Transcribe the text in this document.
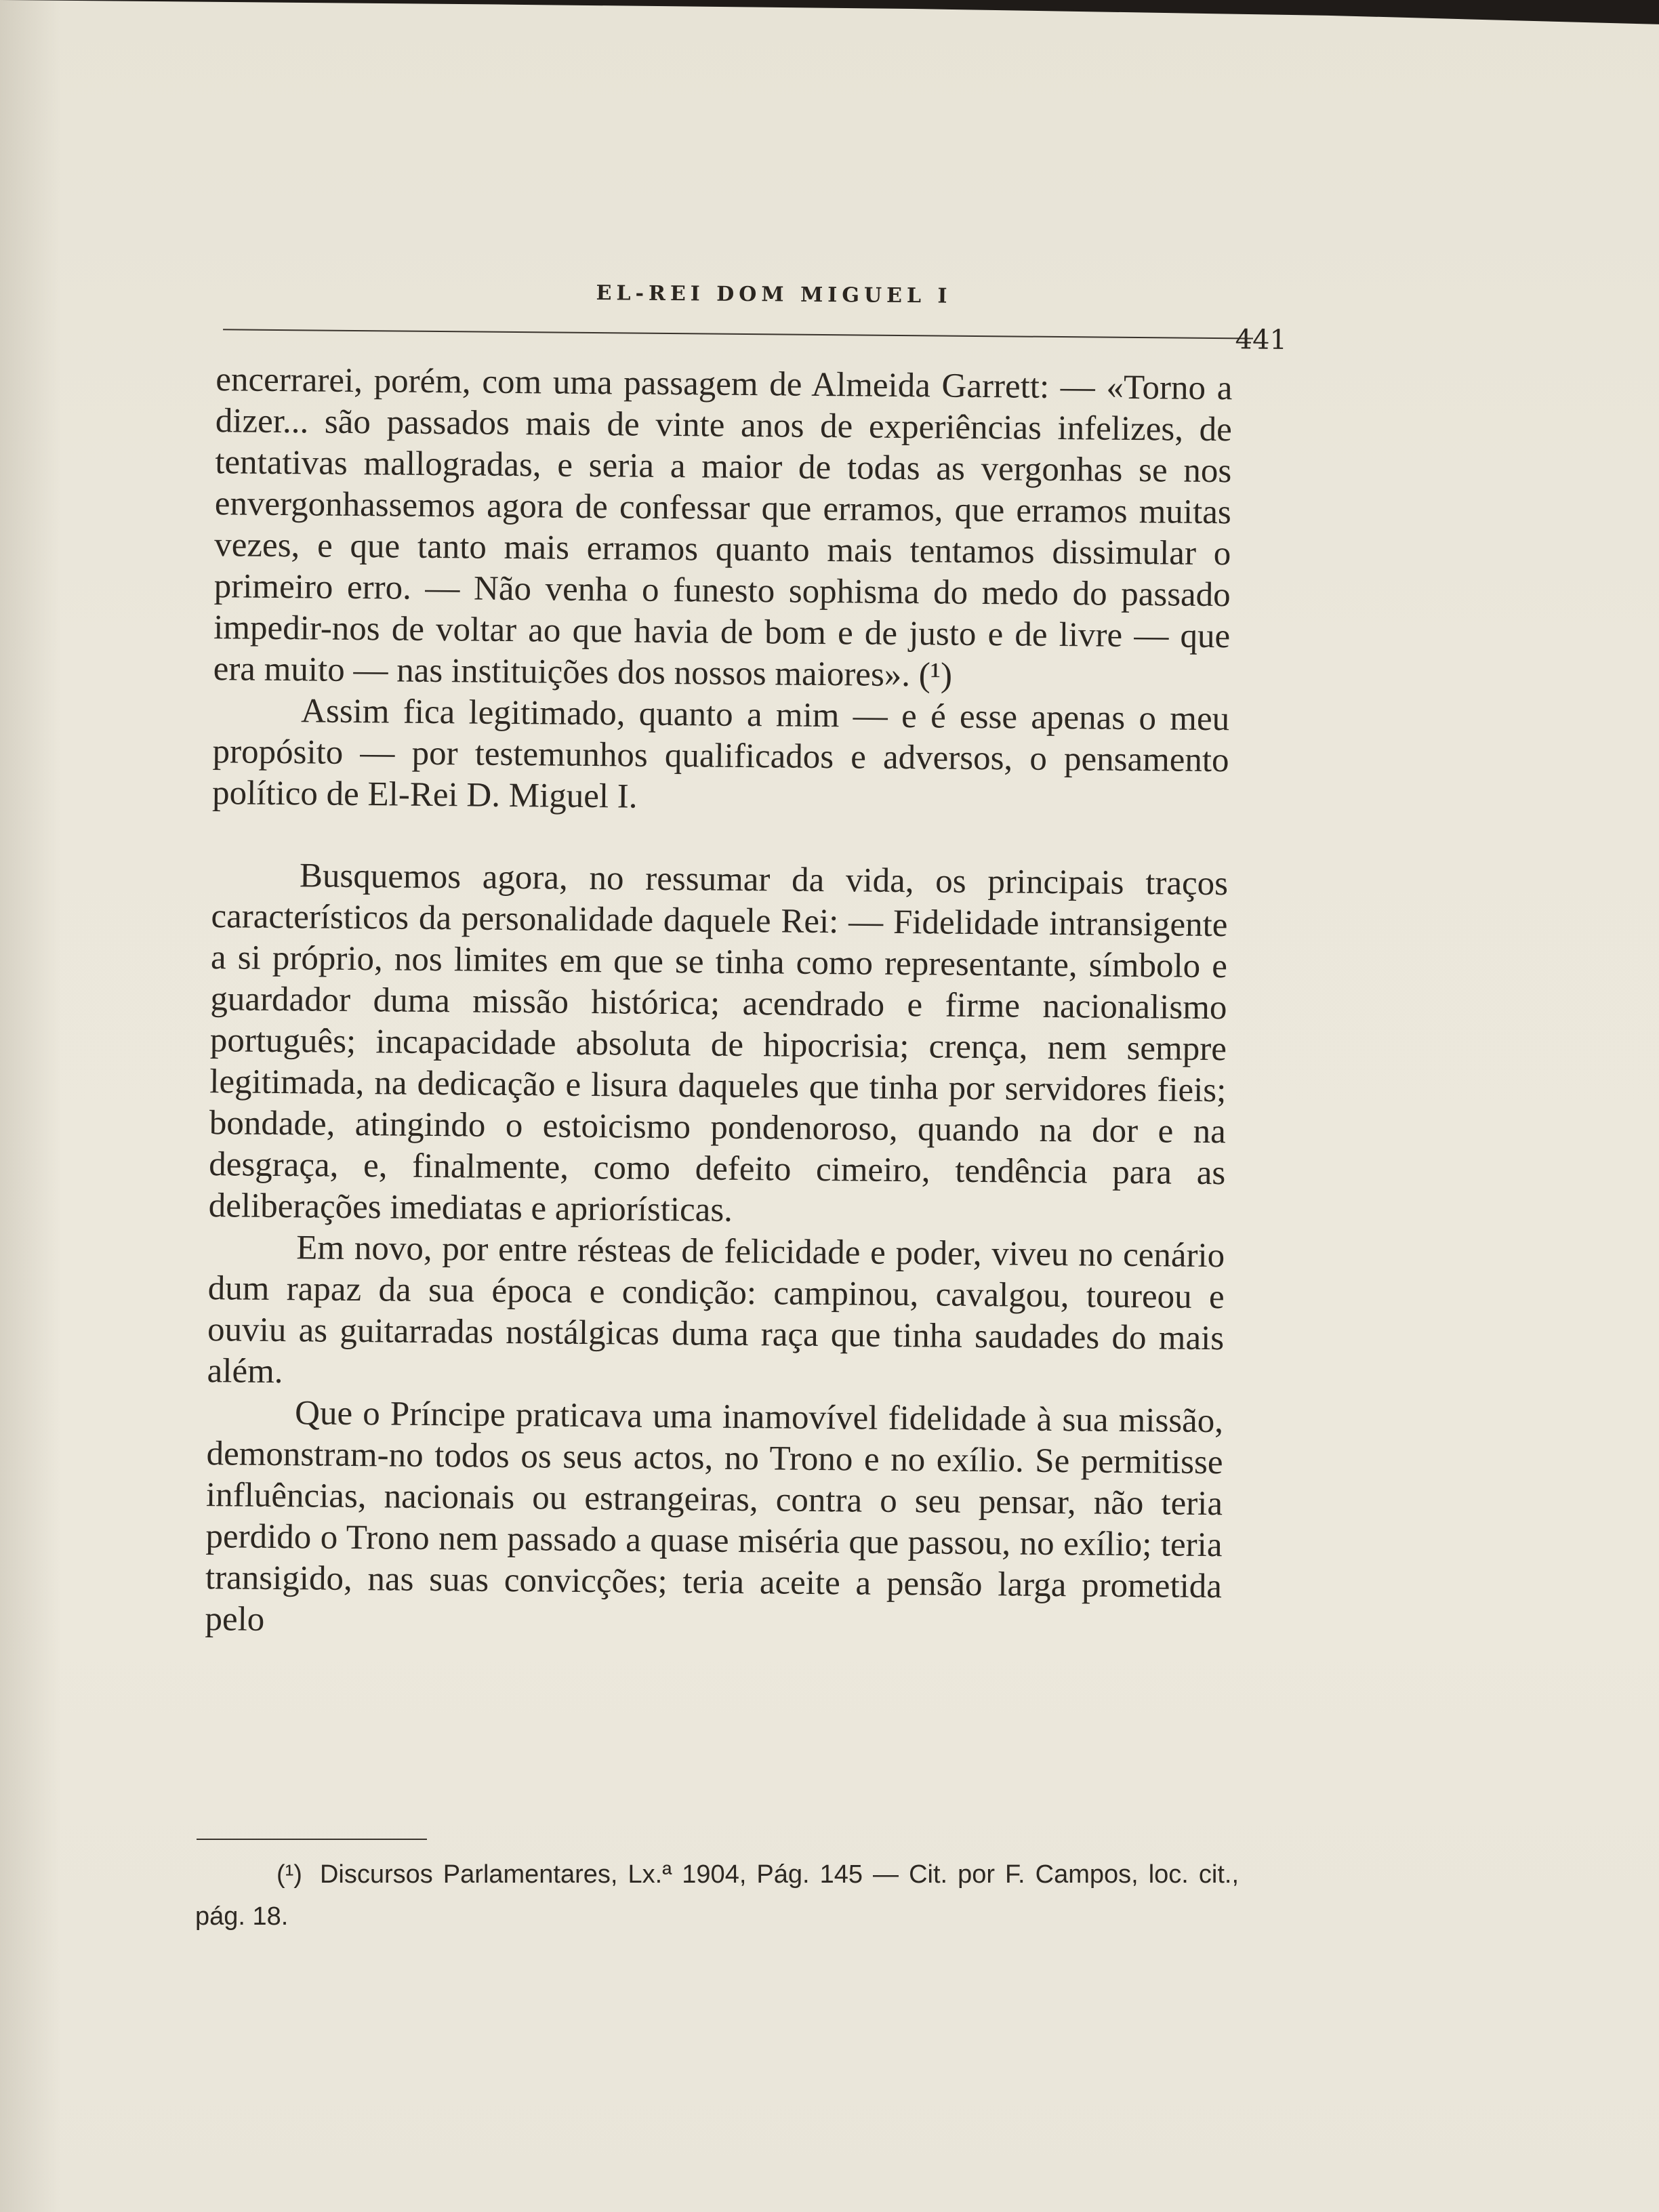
EL-REI DOM MIGUEL I
441

encerrarei, porém, com uma passagem de Almeida Garrett: — «Torno a dizer... são passados mais de vinte anos de experiências infelizes, de tentativas mallogradas, e seria a maior de todas as vergonhas se nos envergonhassemos agora de confessar que erramos, que erramos muitas vezes, e que tanto mais erramos quanto mais tentamos dissimular o primeiro erro. — Não venha o funesto sophisma do medo do passado impedir-nos de voltar ao que havia de bom e de justo e de livre — que era muito — nas instituições dos nossos maiores». (¹)

Assim fica legitimado, quanto a mim — e é esse apenas o meu propósito — por testemunhos qualificados e adversos, o pensamento político de El-Rei D. Miguel I.

Busquemos agora, no ressumar da vida, os principais traços característicos da personalidade daquele Rei: — Fidelidade intransigente a si próprio, nos limites em que se tinha como representante, símbolo e guardador duma missão histórica; acendrado e firme nacionalismo português; incapacidade absoluta de hipocrisia; crença, nem sempre legitimada, na dedicação e lisura daqueles que tinha por servidores fieis; bondade, atingindo o estoicismo pondenoroso, quando na dor e na desgraça, e, finalmente, como defeito cimeiro, tendência para as deliberações imediatas e apriorísticas.

Em novo, por entre résteas de felicidade e poder, viveu no cenário dum rapaz da sua época e condição: campinou, cavalgou, toureou e ouviu as guitarradas nostálgicas duma raça que tinha saudades do mais além.

Que o Príncipe praticava uma inamovível fidelidade à sua missão, demonstram-no todos os seus actos, no Trono e no exílio. Se permitisse influências, nacionais ou estrangeiras, contra o seu pensar, não teria perdido o Trono nem passado a quase miséria que passou, no exílio; teria transigido, nas suas convicções; teria aceite a pensão larga prometida pelo

(¹) Discursos Parlamentares, Lx.ª 1904, Pág. 145 — Cit. por F. Campos, loc. cit., pág. 18.
